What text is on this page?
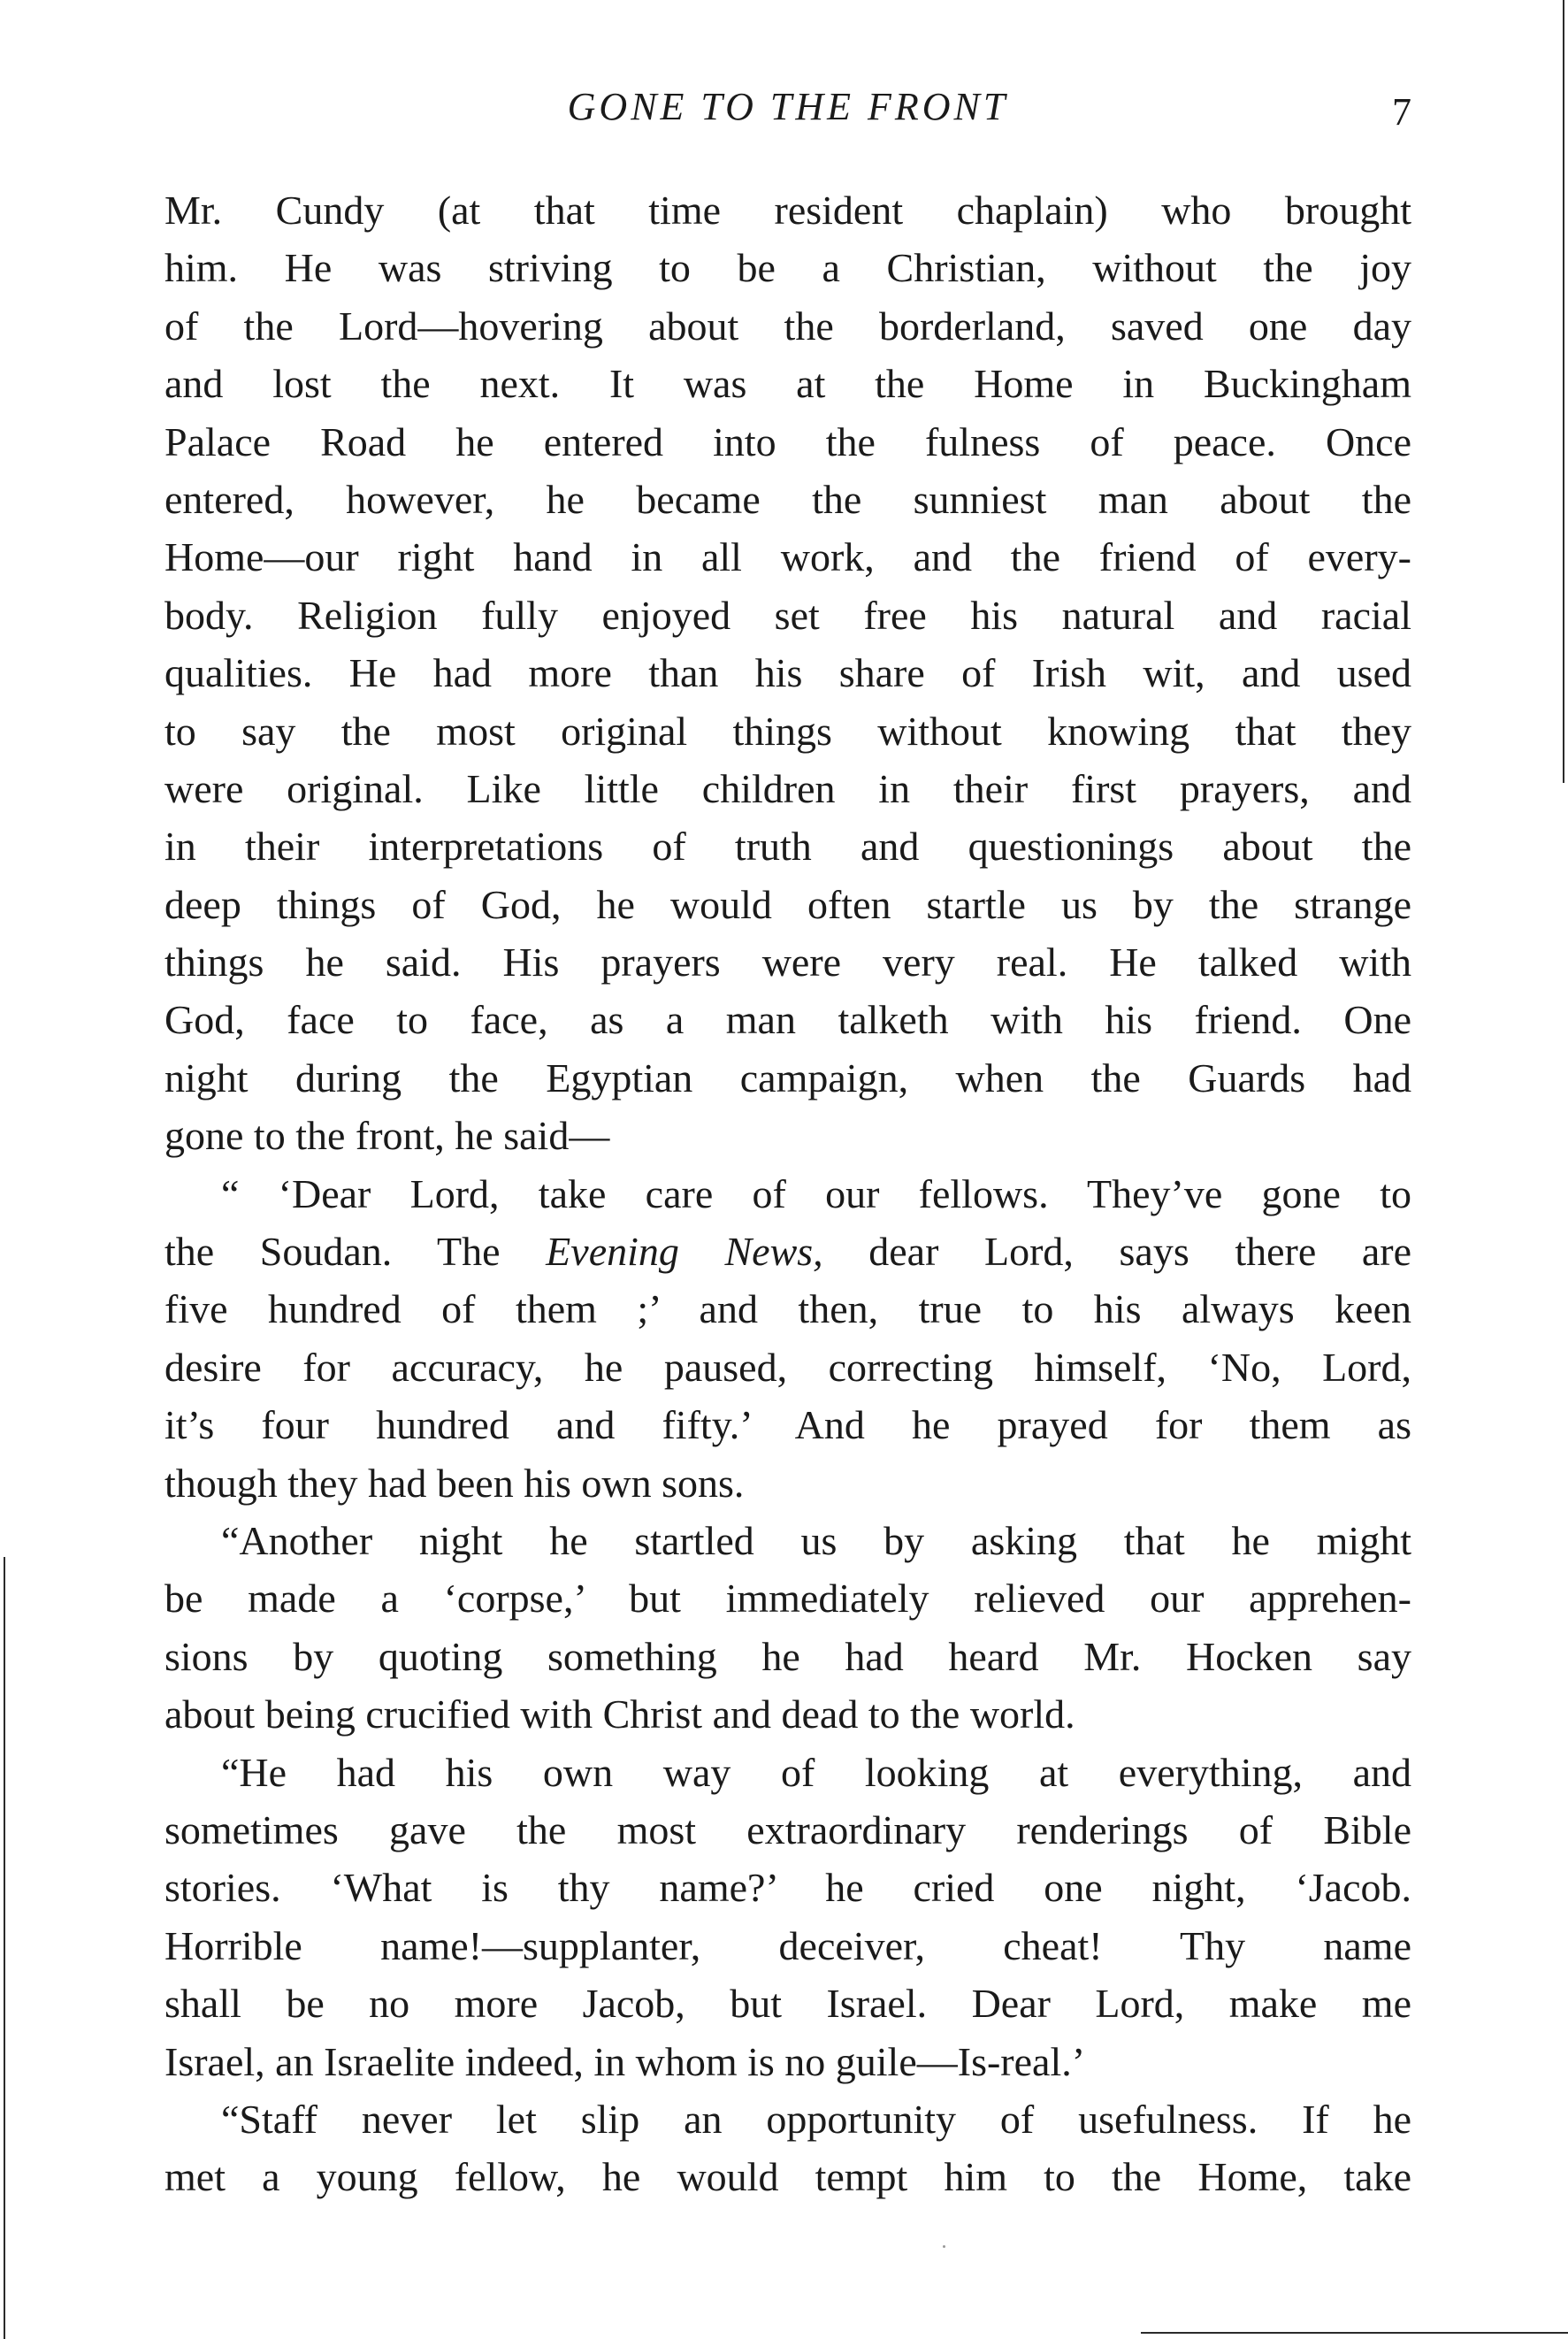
GONE TO THE FRONT	7
Mr. Cundy (at that time resident chaplain) who brought
him. He was striving to be a Christian, without the joy
of the Lord—hovering about the borderland, saved one day
and lost the next. It was at the Home in Buckingham
Palace Road he entered into the fulness of peace. Once
entered, however, he became the sunniest man about the
Home—our right hand in all work, and the friend of every-
body. Religion fully enjoyed set free his natural and racial
qualities. He had more than his share of Irish wit, and used
to say the most original things without knowing that they
were original. Like little children in their first prayers, and
in their interpretations of truth and questionings about the
deep things of God, he would often startle us by the strange
things he said. His prayers were very real. He talked with
God, face to face, as a man talketh with his friend. One
night during the Egyptian campaign, when the Guards had
gone to the front, he said—
“ ‘Dear Lord, take care of our fellows. They’ve gone to
the Soudan. The Evening News, dear Lord, says there are
five hundred of them ;’ and then, true to his always keen
desire for accuracy, he paused, correcting himself, ‘No, Lord,
it’s four hundred and fifty.’ And he prayed for them as
though they had been his own sons.
“Another night he startled us by asking that he might
be made a ‘corpse,’ but immediately relieved our apprehen-
sions by quoting something he had heard Mr. Hocken say
about being crucified with Christ and dead to the world.
“He had his own way of looking at everything, and
sometimes gave the most extraordinary renderings of Bible
stories. ‘What is thy name?’ he cried one night, ‘Jacob.
Horrible name!—supplanter, deceiver, cheat! Thy name
shall be no more Jacob, but Israel. Dear Lord, make me
Israel, an Israelite indeed, in whom is no guile—Is-real.’
“Staff never let slip an opportunity of usefulness. If he
met a young fellow, he would tempt him to the Home, take
